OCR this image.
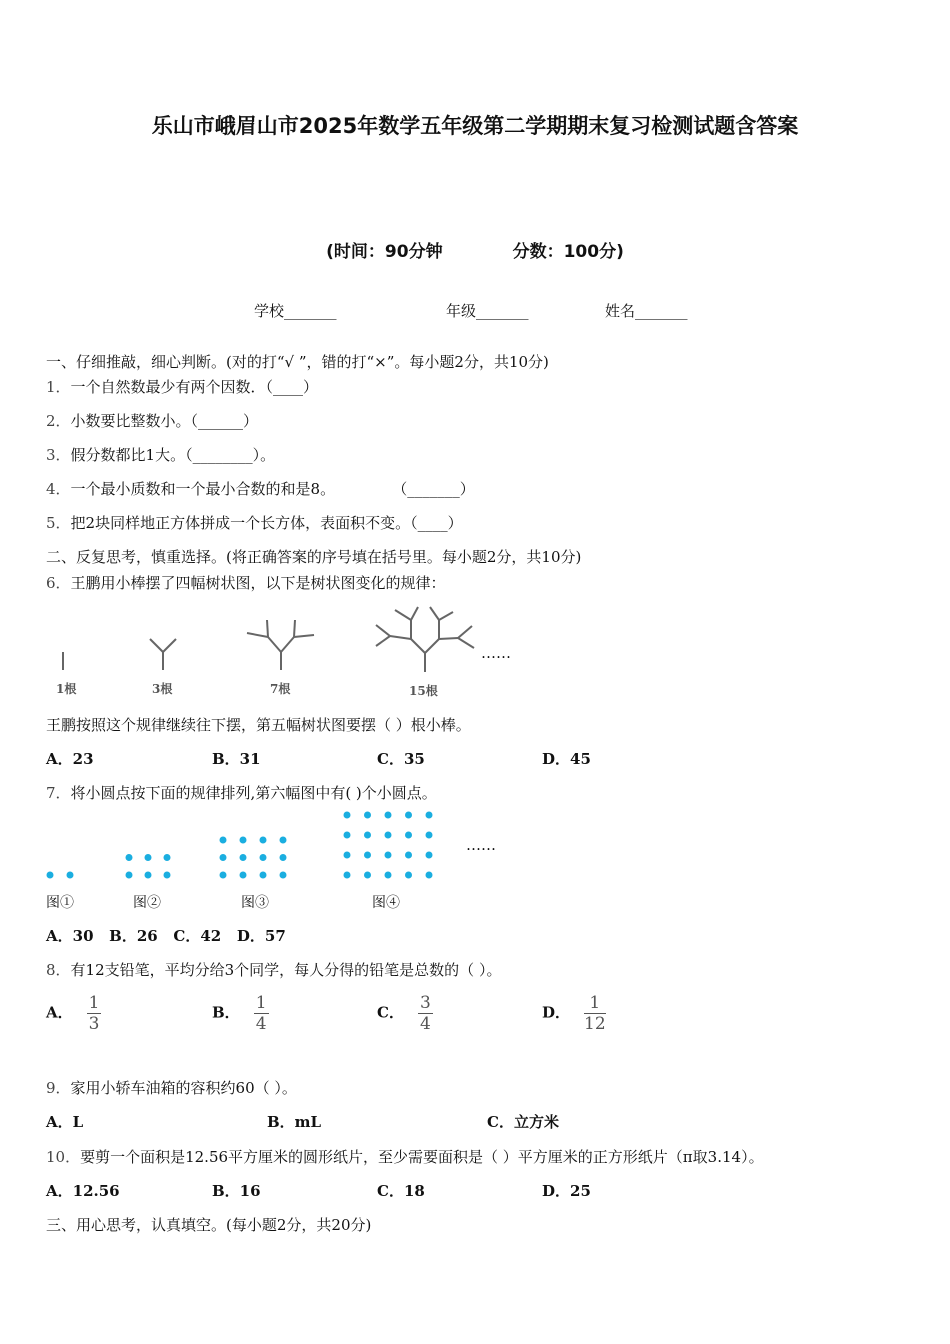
乐山市峨眉山市2025年数学五年级第二学期期末复习检测试题含答案
(时间：90分钟	分数：100分)
学校_______	年级_______	姓名_______
一、仔细推敲，细心判断。(对的打“√ ”，错的打“×”。每小题2分，共10分)
1．一个自然数最少有两个因数．（____）
2．小数要比整数小。（______）
3．假分数都比1大。（________）。
4．一个最小质数和一个最小合数的和是8。            （_______）
5．把2块同样地正方体拼成一个长方体，表面积不变。（____）
二、反复思考，慎重选择。(将正确答案的序号填在括号里。每小题2分，共10分)
6．王鹏用小棒摆了四幅树状图，以下是树状图变化的规律：
……
1根	3根	7根	15根
王鹏按照这个规律继续往下摆，第五幅树状图要摆（ ）根小棒。
A．23	B．31	C．35	D．45
7．将小圆点按下面的规律排列,第六幅图中有( )个小圆点。
……
图①	图②	图③	图④
A．30   B．26   C．42   D．57
8．有12支铅笔，平均分给3个同学，每人分得的铅笔是总数的（ ）。
A． $\frac{1}{3}$	B． $\frac{1}{4}$	C． $\frac{3}{4}$	D． $\frac{1}{12}$
9．家用小轿车油箱的容积约60（ ）。
A．L	B．mL	C．立方米
10．要剪一个面积是12.56平方厘米的圆形纸片，至少需要面积是（ ）平方厘米的正方形纸片（π取3.14）。
A．12.56	B．16	C．18	D．25
三、用心思考，认真填空。(每小题2分，共20分)
